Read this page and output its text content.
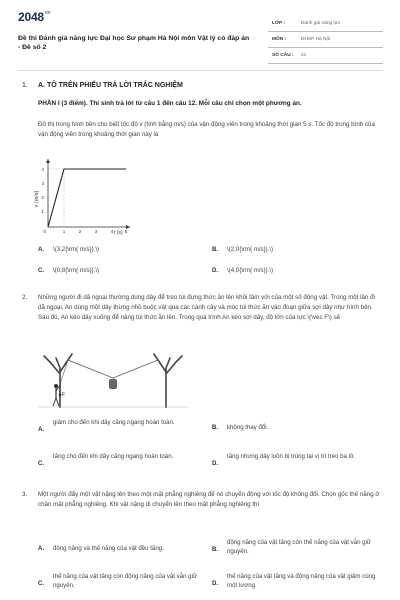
$2048^{vn}$
Đề thi Đánh giá năng lực Đại học Sư phạm Hà Nội môn Vật lý có đáp án - Đề số 2
LỚP :	Đánh giá năng lực
MÔN :	ĐHSP Hà Nội
SỐ CÂU : 21
1. A. TÔ TRÊN PHIẾU TRẢ LỜI TRẮC NGHIỆM
PHẦN I (3 điểm). Thí sinh trả lời từ câu 1 đến câu 12. Mỗi câu chỉ chọn một phương án.
Đồ thị trong hình bên cho biết tốc độ v (tính bằng m/s) của vận động viên trong khoảng thời gian 5 s. Tốc độ trung bình của vận động viên trong khoảng thời gian này là
v (m/s)
t (s)
4
3
2
1
0	1	2	3	4	5
A. \(3,2{\rm{ m/s}}.\)	B. \(2,0{\rm{ m/s}}.\)
C. \(0,8{\rm{ m/s}}.\)	D. \(4,0{\rm{ m/s}}.\)
2.	Những người đi dã ngoại thường dùng dây để treo túi đựng thức ăn lên khỏi tầm với của một số động vật. Trong một lần đi dã ngoại, An dùng một dây thừng nhỏ buộc vật qua các cành cây và móc túi thức ăn vào đoạn giữa sợi dây như hình bên. Sau đó, An kéo dây xuống để nâng túi thức ăn lên. Trong quá trình An kéo sợi dây, độ lớn của lực \(\vec F\) sẽ
F
A.
giảm cho đến khi dây căng ngang hoàn toàn.
B. không thay đổi.
C.
tăng cho đến khi dây căng ngang hoàn toàn.
D.
tăng nhưng dây luôn bị trùng tại vị trí treo ba lô.
3.	Một người đẩy một vật nặng lên theo một mặt phẳng nghiêng để nó chuyển động với tốc độ không đổi. Chọn gốc thế năng ở chân mặt phẳng nghiêng. Khi vật nặng di chuyển lên theo mặt phẳng nghiêng thì
A. động năng và thế năng của vật đều tăng.	B.
động năng của vật tăng còn thế năng của vật vẫn giữ nguyên.
C.
thế năng của vật tăng còn động năng của vật vẫn giữ nguyên.	D.
thế năng của vật tăng và động năng của vật giảm cùng một lượng.
